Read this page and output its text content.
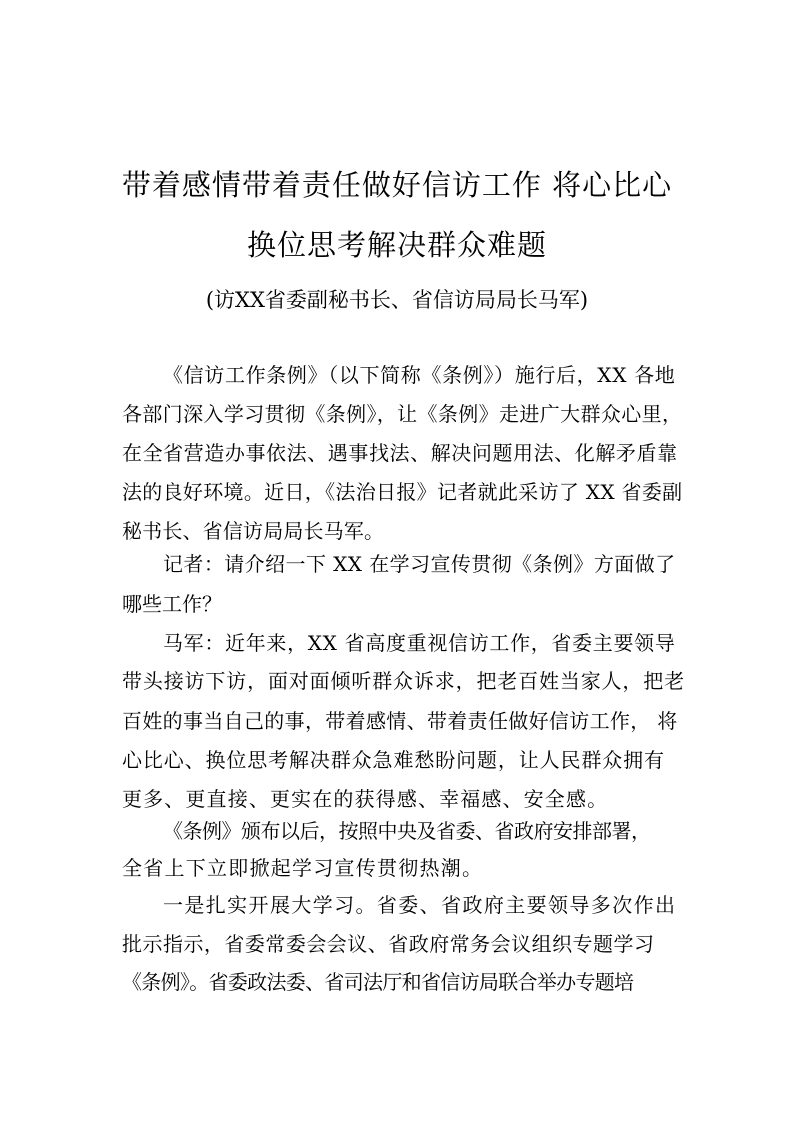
带着感情带着责任做好信访工作 将心比心
换位思考解决群众难题
(访XX省委副秘书长、省信访局局长马军)
《信访工作条例》（以下简称《条例》）施行后，XX 各地
各部门深入学习贯彻《条例》，让《条例》走进广大群众心里，
在全省营造办事依法、遇事找法、解决问题用法、化解矛盾靠
法的良好环境。近日，《法治日报》记者就此采访了 XX 省委副
秘书长、省信访局局长马军。
记者：请介绍一下 XX 在学习宣传贯彻《条例》方面做了
哪些工作？
马军：近年来，XX 省高度重视信访工作，省委主要领导
带头接访下访，面对面倾听群众诉求，把老百姓当家人，把老
百姓的事当自己的事，带着感情、带着责任做好信访工作， 将
心比心、换位思考解决群众急难愁盼问题，让人民群众拥有
更多、更直接、更实在的获得感、幸福感、安全感。
《条例》颁布以后，按照中央及省委、省政府安排部署，
全省上下立即掀起学习宣传贯彻热潮。
一是扎实开展大学习。省委、省政府主要领导多次作出
批示指示，省委常委会会议、省政府常务会议组织专题学习
《条例》。省委政法委、省司法厅和省信访局联合举办专题培
